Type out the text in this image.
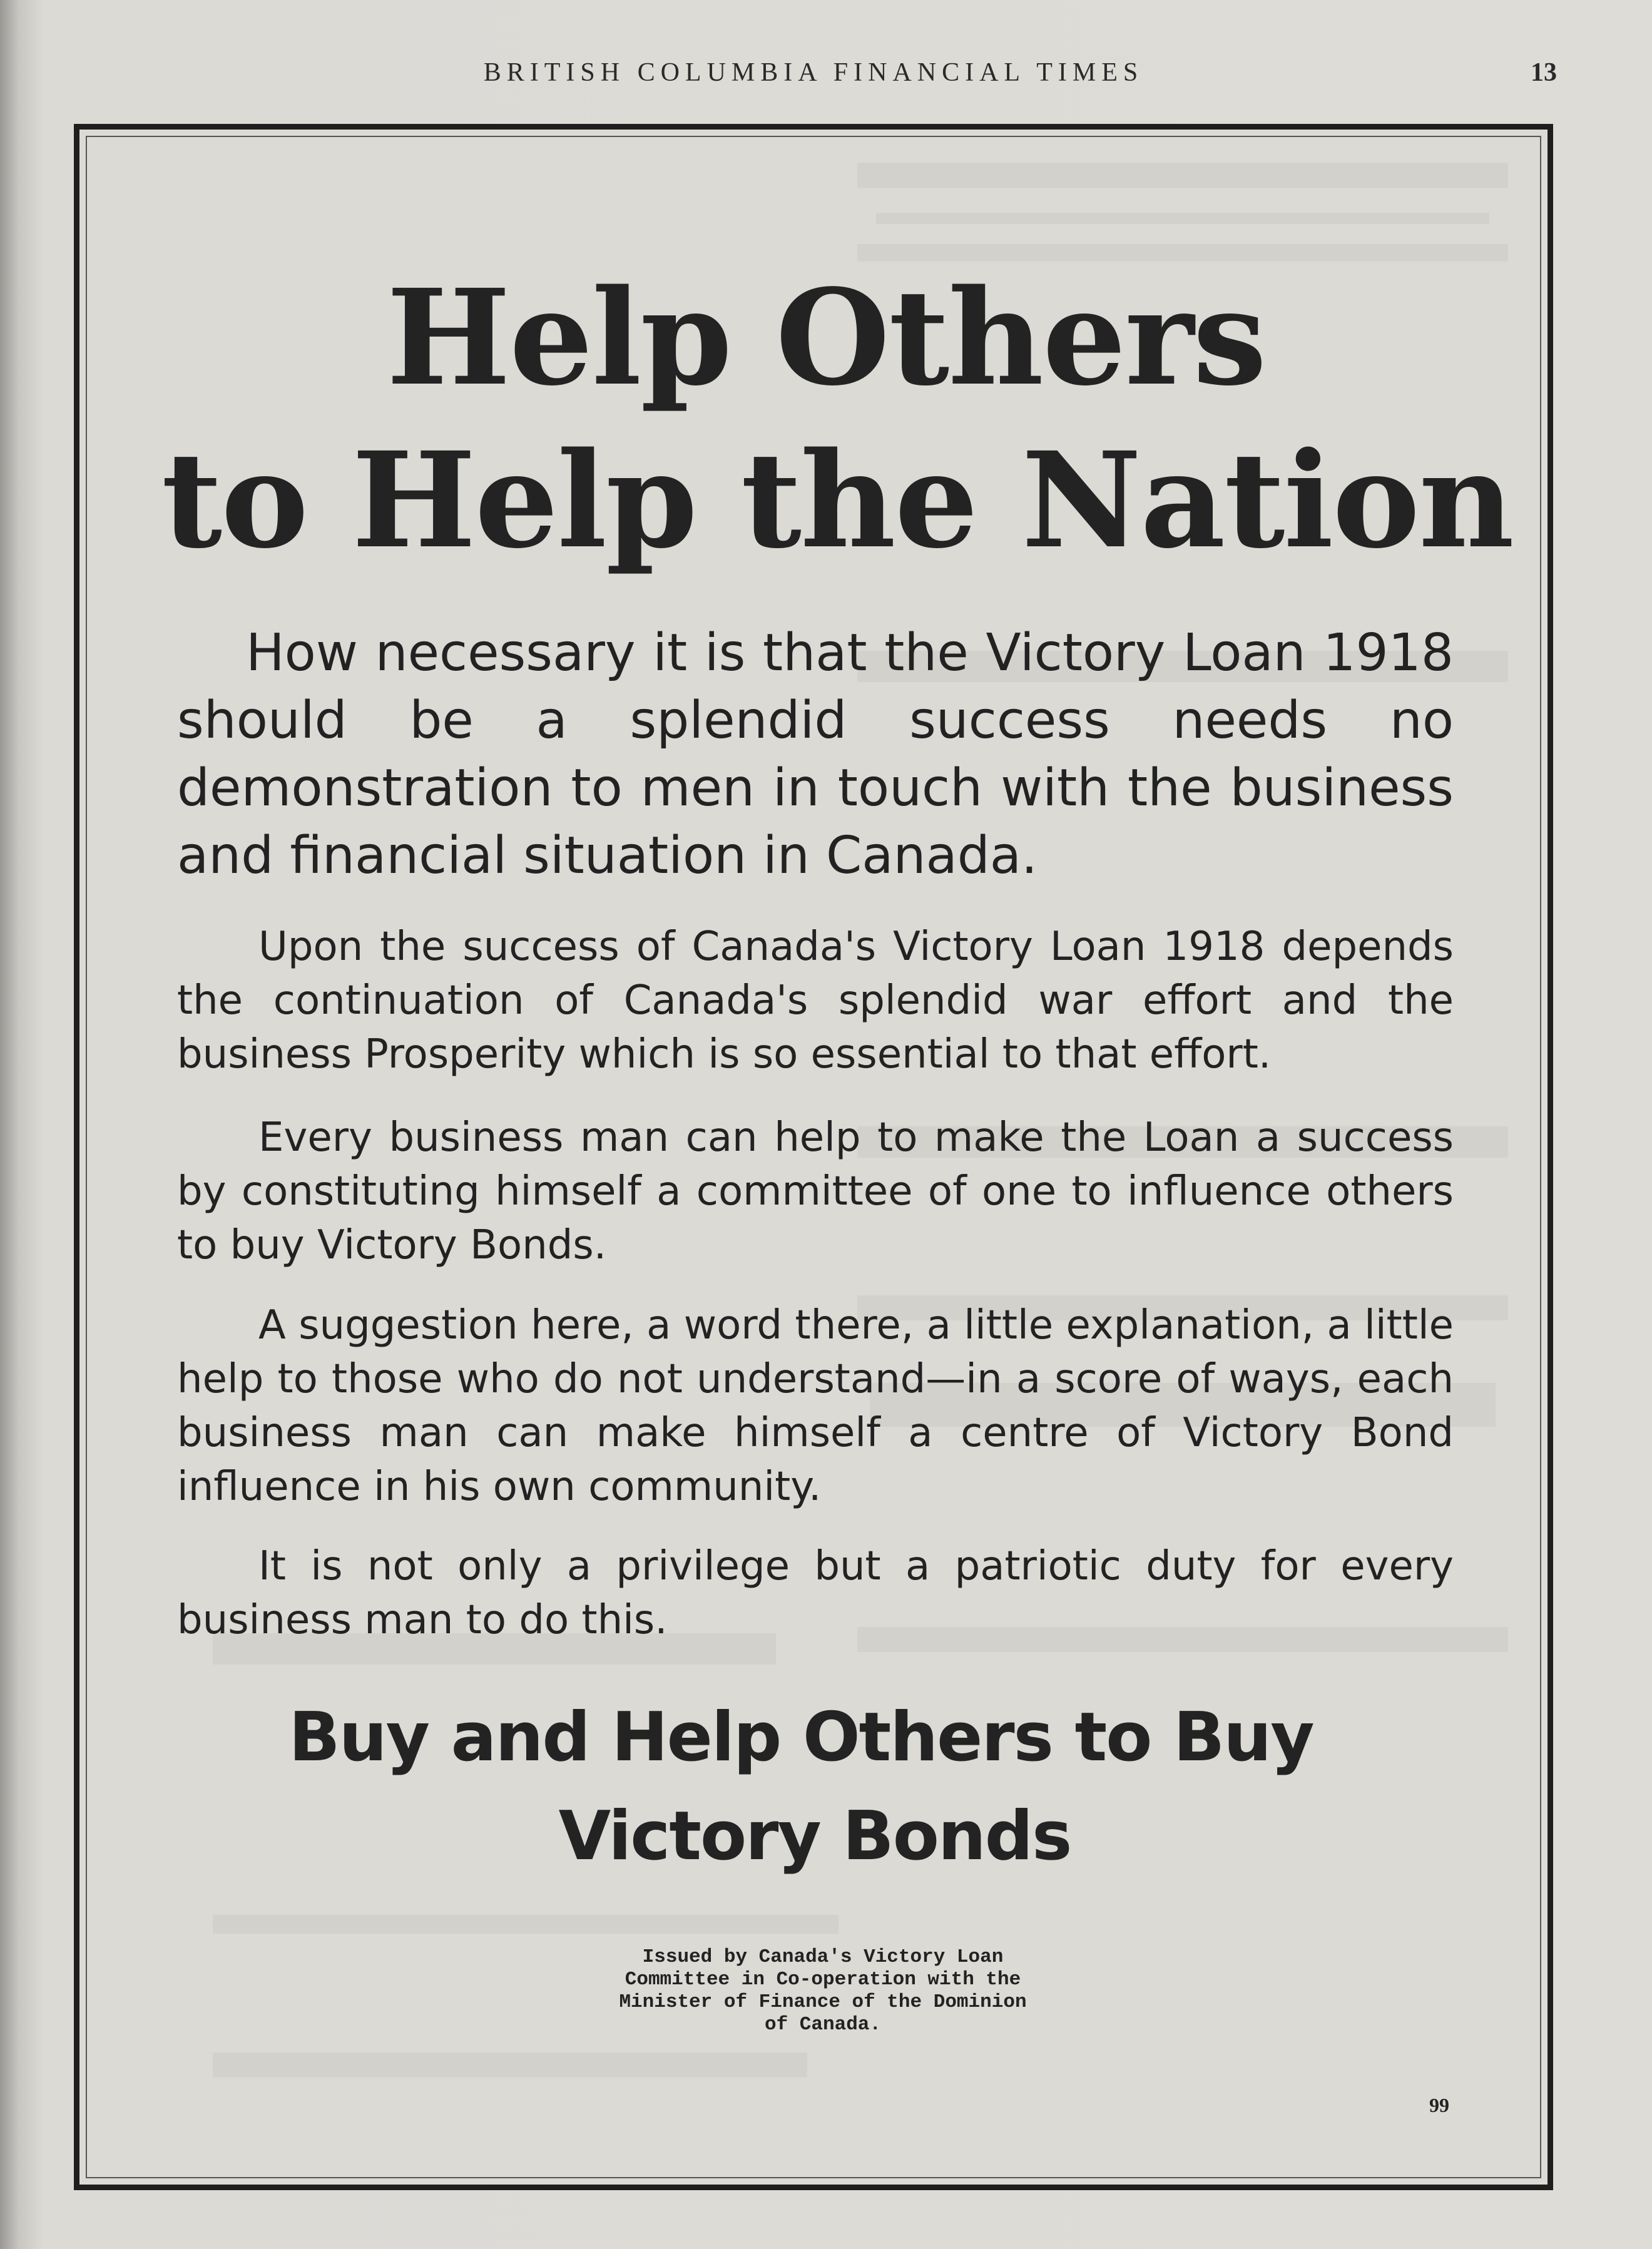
BRITISH COLUMBIA FINANCIAL TIMES	13
Help Others
to Help the Nation
How necessary it is that the Victory Loan 1918 should be a splendid success needs no demonstration to men in touch with the business and financial situation in Canada.
Upon the success of Canada's Victory Loan 1918 depends the continuation of Canada's splendid war effort and the business Prosperity which is so essential to that effort.
Every business man can help to make the Loan a success by constituting himself a committee of one to influence others to buy Victory Bonds.
A suggestion here, a word there, a little explanation, a little help to those who do not understand—in a score of ways, each business man can make himself a centre of Victory Bond influence in his own community.
It is not only a privilege but a patriotic duty for every business man to do this.
Buy and Help Others to Buy
Victory Bonds
Issued by Canada's Victory Loan Committee in Co-operation with the Minister of Finance of the Dominion of Canada.
99
